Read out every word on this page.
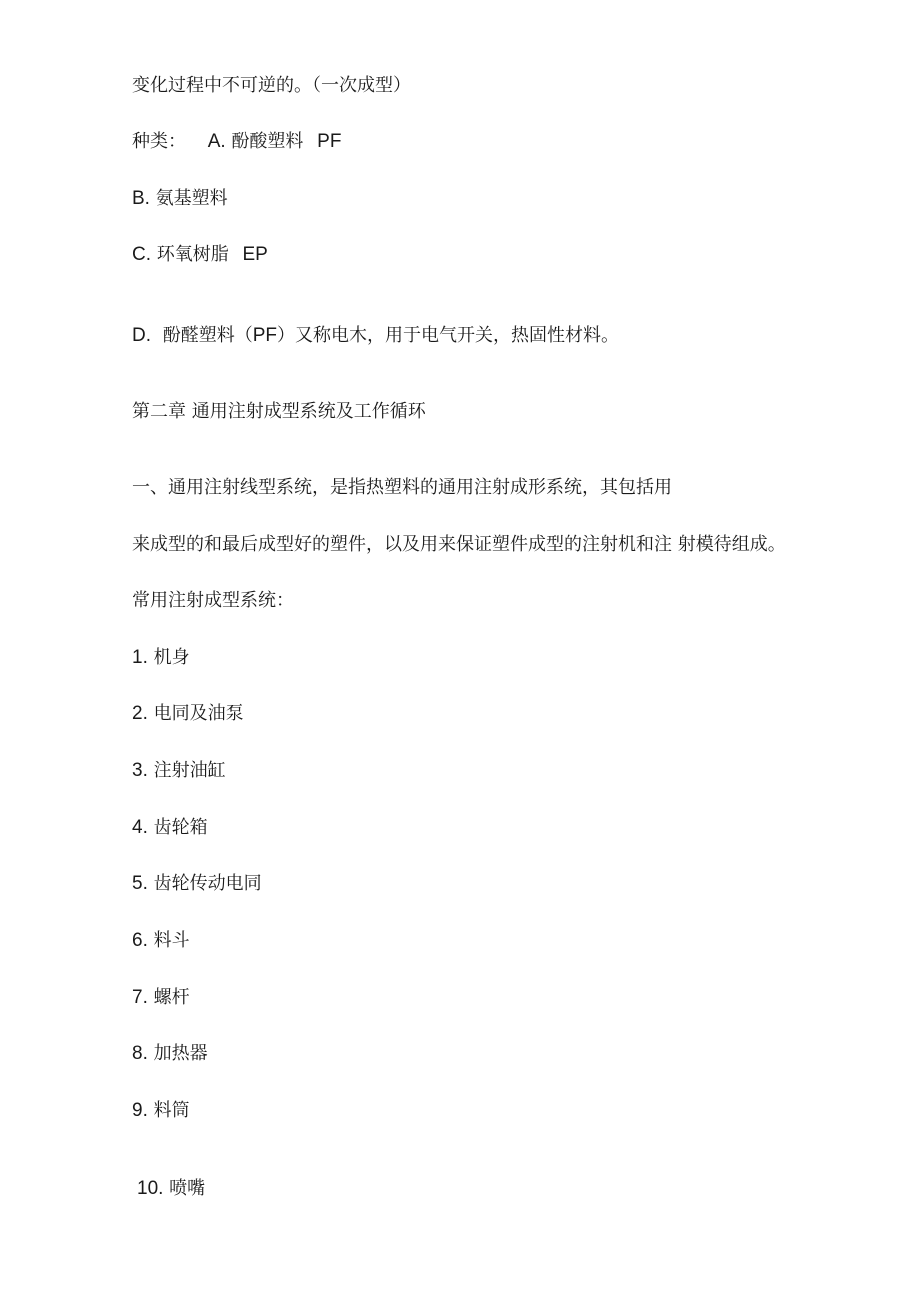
变化过程中不可逆的。（一次成型）
种类： A. 酚酸塑料 PF
B. 氨基塑料
C. 环氧树脂 EP
D. 酚醛塑料（PF）又称电木，用于电气开关，热固性材料。
第二章 通用注射成型系统及工作循环
一、通用注射线型系统，是指热塑料的通用注射成形系统，其包括用
来成型的和最后成型好的塑件，以及用来保证塑件成型的注射机和注 射模待组成。
常用注射成型系统：
1. 机身
2. 电同及油泵
3. 注射油缸
4. 齿轮箱
5. 齿轮传动电同
6. 料斗
7. 螺杆
8. 加热器
9. 料筒
10. 喷嘴
